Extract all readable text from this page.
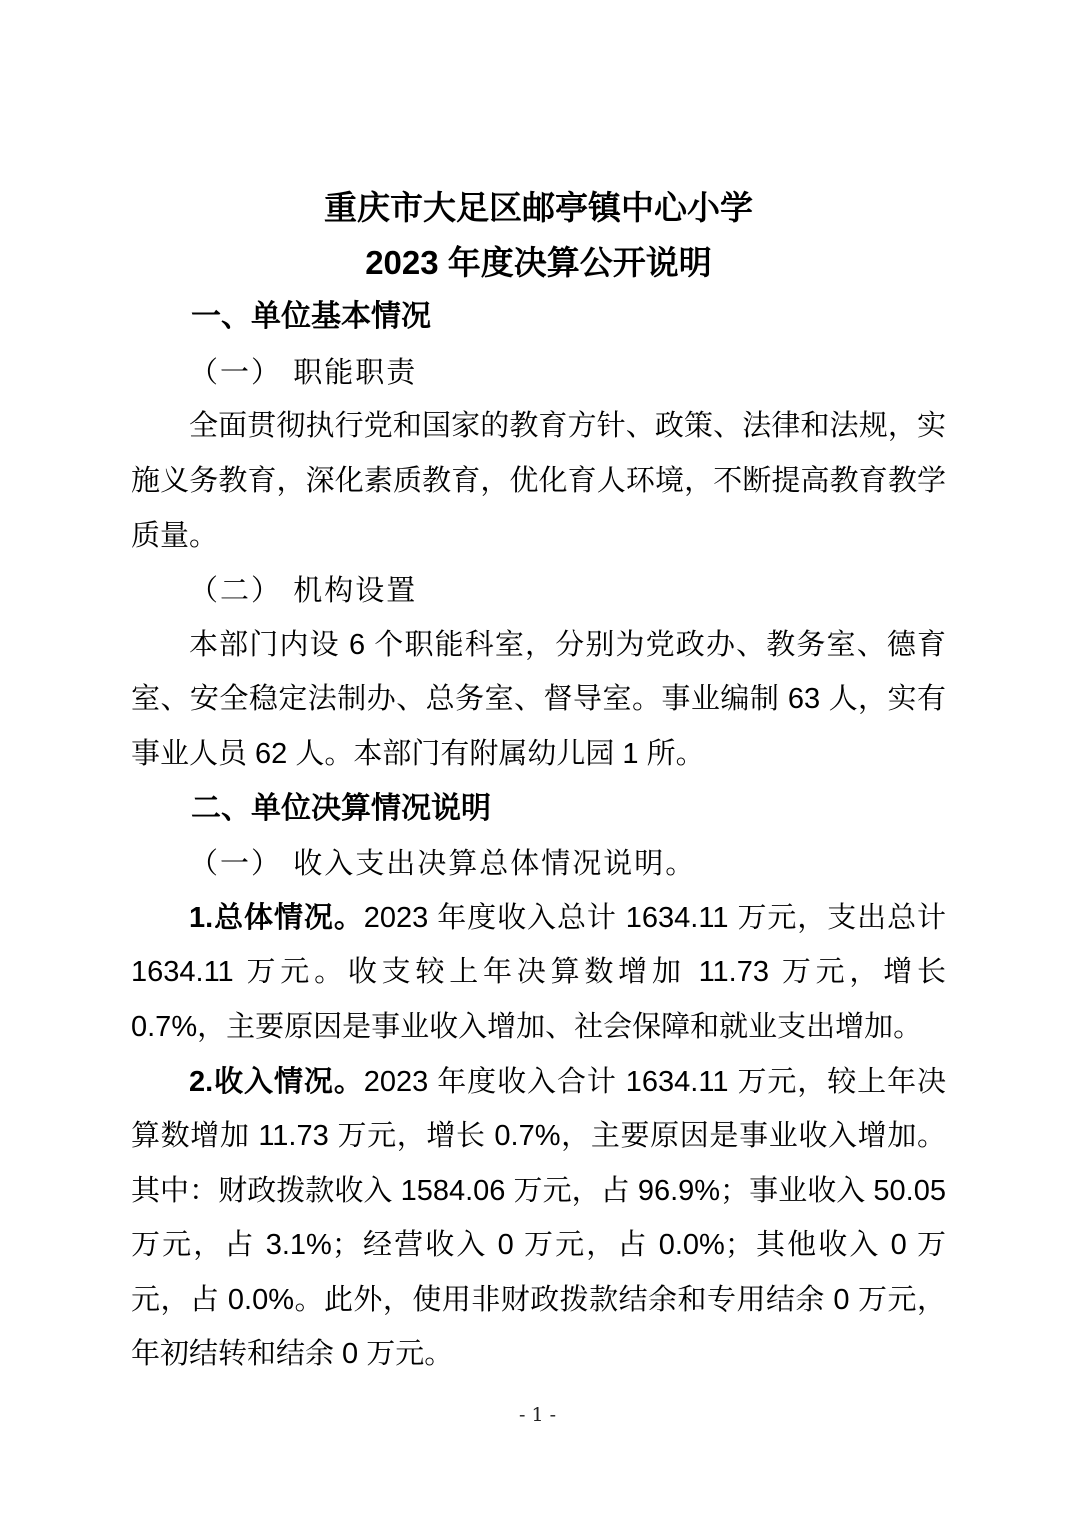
重庆市大足区邮亭镇中心小学

2023 年度决算公开说明

一、单位基本情况

（一） 职能职责

全面贯彻执行党和国家的教育方针、政策、法律和法规，实施义务教育，深化素质教育，优化育人环境，不断提高教育教学质量。

（二） 机构设置

本部门内设 6 个职能科室，分别为党政办、教务室、德育室、安全稳定法制办、总务室、督导室。事业编制 63 人，实有事业人员 62 人。本部门有附属幼儿园 1 所。

二、单位决算情况说明

（一） 收入支出决算总体情况说明。

1.总体情况。2023 年度收入总计 1634.11 万元，支出总计 1634.11 万元。收支较上年决算数增加 11.73 万元，增长 0.7%，主要原因是事业收入增加、社会保障和就业支出增加。

2.收入情况。2023 年度收入合计 1634.11 万元，较上年决算数增加 11.73 万元，增长 0.7%，主要原因是事业收入增加。其中：财政拨款收入 1584.06 万元，占 96.9%；事业收入 50.05 万元，占 3.1%；经营收入 0 万元，占 0.0%；其他收入 0 万元，占 0.0%。此外，使用非财政拨款结余和专用结余 0 万元，年初结转和结余 0 万元。

- 1 -
